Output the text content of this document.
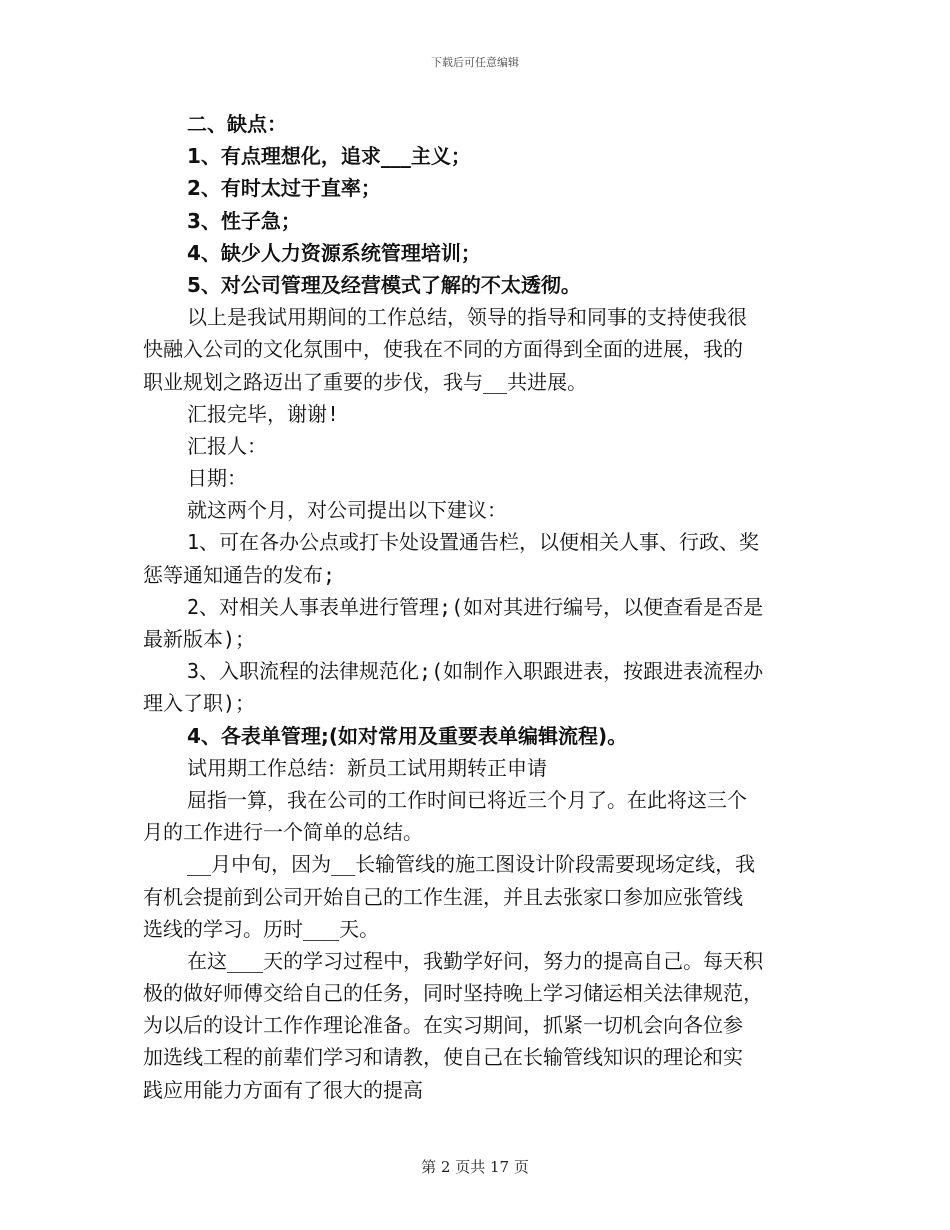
下载后可任意编辑
二、缺点：
1、有点理想化，追求___主义；
2、有时太过于直率；
3、性子急；
4、缺少人力资源系统管理培训；
5、对公司管理及经营模式了解的不太透彻。
以上是我试用期间的工作总结，领导的指导和同事的支持使我很
快融入公司的文化氛围中，使我在不同的方面得到全面的进展，我的
职业规划之路迈出了重要的步伐，我与__共进展。
汇报完毕，谢谢!
汇报人：
日期：
就这两个月，对公司提出以下建议：
1、可在各办公点或打卡处设置通告栏，以便相关人事、行政、奖
惩等通知通告的发布;
2、对相关人事表单进行管理;(如对其进行编号，以便查看是否是
最新版本)；
3、入职流程的法律规范化;(如制作入职跟进表，按跟进表流程办
理入了职)；
4、各表单管理;(如对常用及重要表单编辑流程)。
试用期工作总结：新员工试用期转正申请
屈指一算，我在公司的工作时间已将近三个月了。在此将这三个
月的工作进行一个简单的总结。
__月中旬，因为__长输管线的施工图设计阶段需要现场定线，我
有机会提前到公司开始自己的工作生涯，并且去张家口参加应张管线
选线的学习。历时___天。
在这___天的学习过程中，我勤学好问，努力的提高自己。每天积
极的做好师傅交给自己的任务，同时坚持晚上学习储运相关法律规范，
为以后的设计工作作理论准备。在实习期间，抓紧一切机会向各位参
加选线工程的前辈们学习和请教，使自己在长输管线知识的理论和实
践应用能力方面有了很大的提高
第 2 页共 17 页
